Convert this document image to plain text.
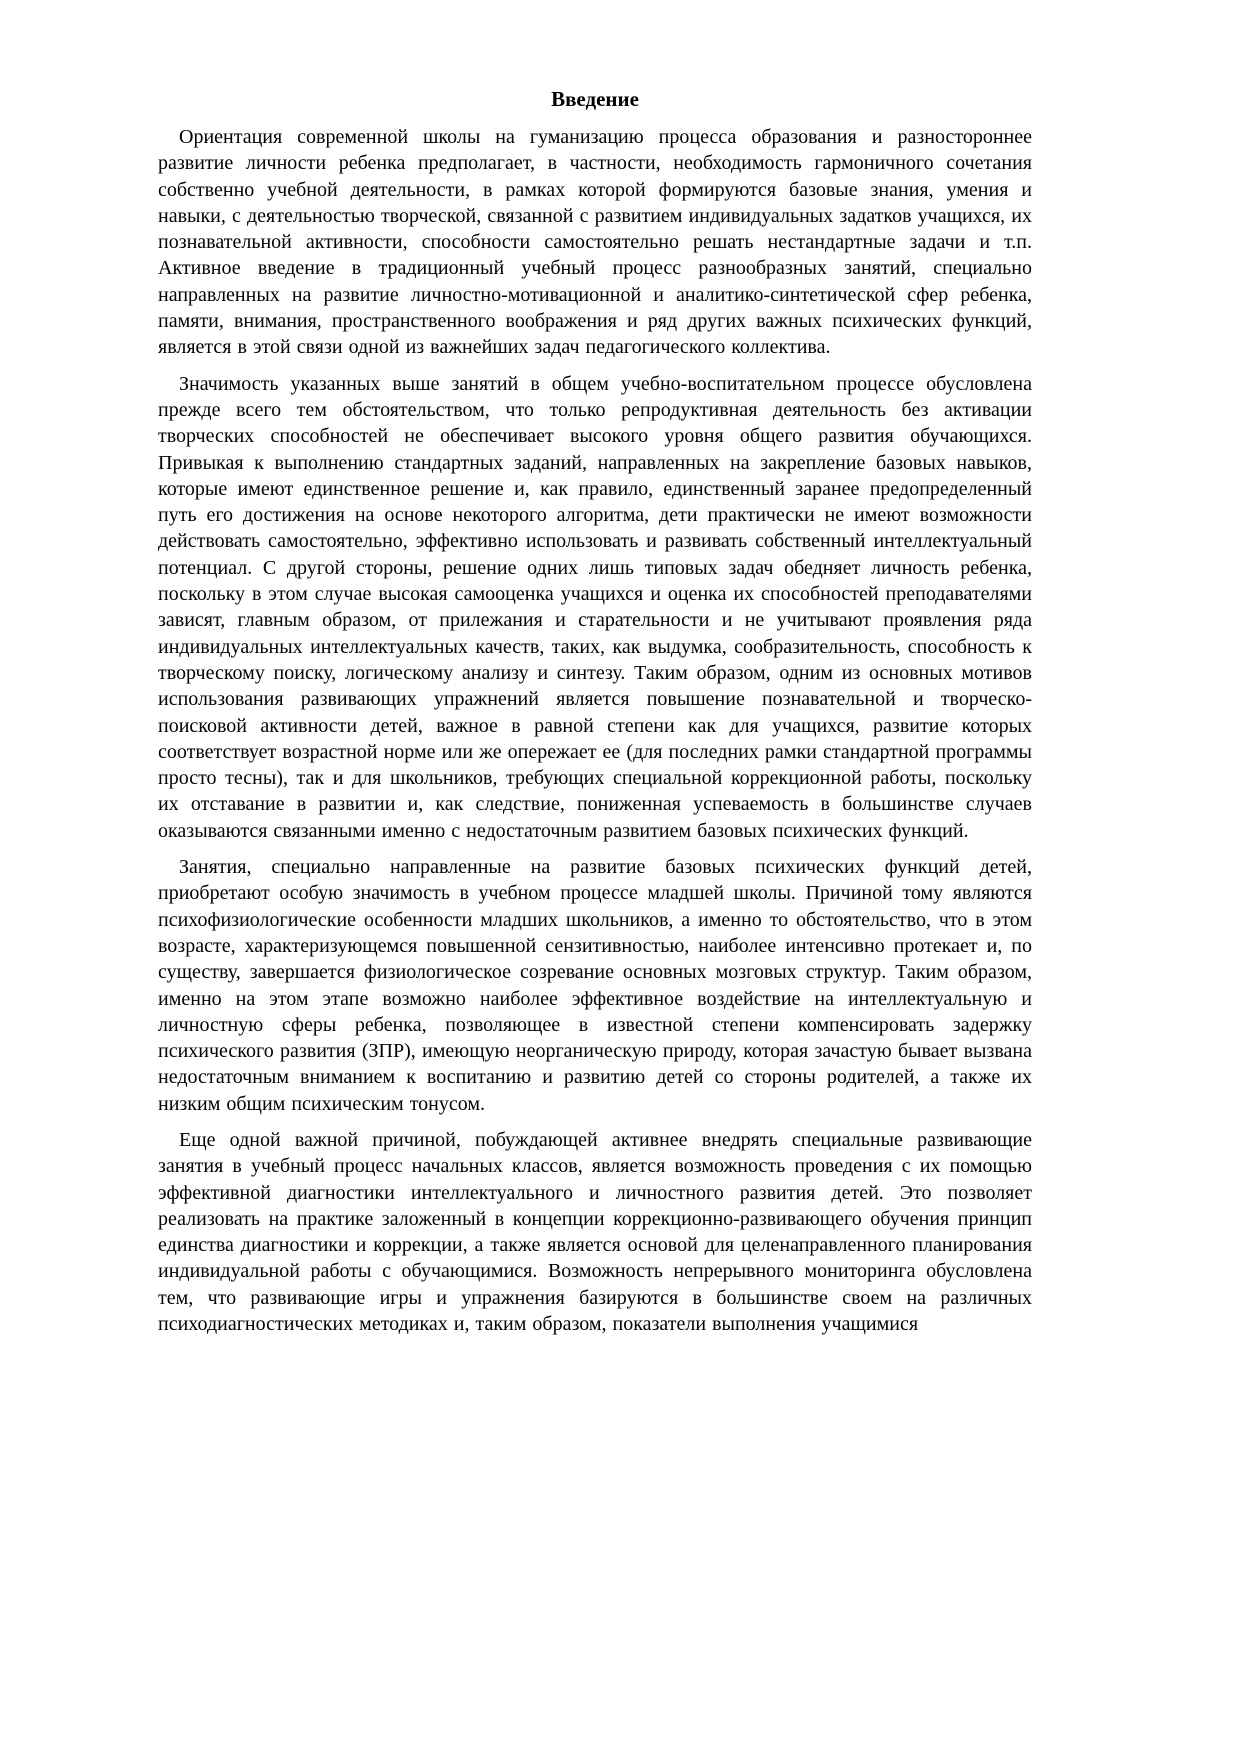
Введение

Ориентация современной школы на гуманизацию процесса образования и разностороннее развитие личности ребенка предполагает, в частности, необходимость гармоничного сочетания собственно учебной деятельности, в рамках которой формируются базовые знания, умения и навыки, с деятельностью творческой, связанной с развитием индивидуальных задатков учащихся, их познавательной активности, способности самостоятельно решать нестандартные задачи и т.п. Активное введение в традиционный учебный процесс разнообразных занятий, специально направленных на развитие личностно-мотивационной и аналитико-синтетической сфер ребенка, памяти, внимания, пространственного воображения и ряд других важных психических функций, является в этой связи одной из важнейших задач педагогического коллектива.

Значимость указанных выше занятий в общем учебно-воспитательном процессе обусловлена прежде всего тем обстоятельством, что только репродуктивная деятельность без активации творческих способностей не обеспечивает высокого уровня общего развития обучающихся. Привыкая к выполнению стандартных заданий, направленных на закрепление базовых навыков, которые имеют единственное решение и, как правило, единственный заранее предопределенный путь его достижения на основе некоторого алгоритма, дети практически не имеют возможности действовать самостоятельно, эффективно использовать и развивать собственный интеллектуальный потенциал. С другой стороны, решение одних лишь типовых задач обедняет личность ребенка, поскольку в этом случае высокая самооценка учащихся и оценка их способностей преподавателями зависят, главным образом, от прилежания и старательности и не учитывают проявления ряда индивидуальных интеллектуальных качеств, таких, как выдумка, сообразительность, способность к творческому поиску, логическому анализу и синтезу. Таким образом, одним из основных мотивов использования развивающих упражнений является повышение познавательной и творческо-поисковой активности детей, важное в равной степени как для учащихся, развитие которых соответствует возрастной норме или же опережает ее (для последних рамки стандартной программы просто тесны), так и для школьников, требующих специальной коррекционной работы, поскольку их отставание в развитии и, как следствие, пониженная успеваемость в большинстве случаев оказываются связанными именно с недостаточным развитием базовых психических функций.

Занятия, специально направленные на развитие базовых психических функций детей, приобретают особую значимость в учебном процессе младшей школы. Причиной тому являются психофизиологические особенности младших школьников, а именно то обстоятельство, что в этом возрасте, характеризующемся повышенной сензитивностью, наиболее интенсивно протекает и, по существу, завершается физиологическое созревание основных мозговых структур. Таким образом, именно на этом этапе возможно наиболее эффективное воздействие на интеллектуальную и личностную сферы ребенка, позволяющее в известной степени компенсировать задержку психического развития (ЗПР), имеющую неорганическую природу, которая зачастую бывает вызвана недостаточным вниманием к воспитанию и развитию детей со стороны родителей, а также их низким общим психическим тонусом.

Еще одной важной причиной, побуждающей активнее внедрять специальные развивающие занятия в учебный процесс начальных классов, является возможность проведения с их помощью эффективной диагностики интеллектуального и личностного развития детей. Это позволяет реализовать на практике заложенный в концепции коррекционно-развивающего обучения принцип единства диагностики и коррекции, а также является основой для целенаправленного планирования индивидуальной работы с обучающимися. Возможность непрерывного мониторинга обусловлена тем, что развивающие игры и упражнения базируются в большинстве своем на различных психодиагностических методиках и, таким образом, показатели выполнения учащимися
